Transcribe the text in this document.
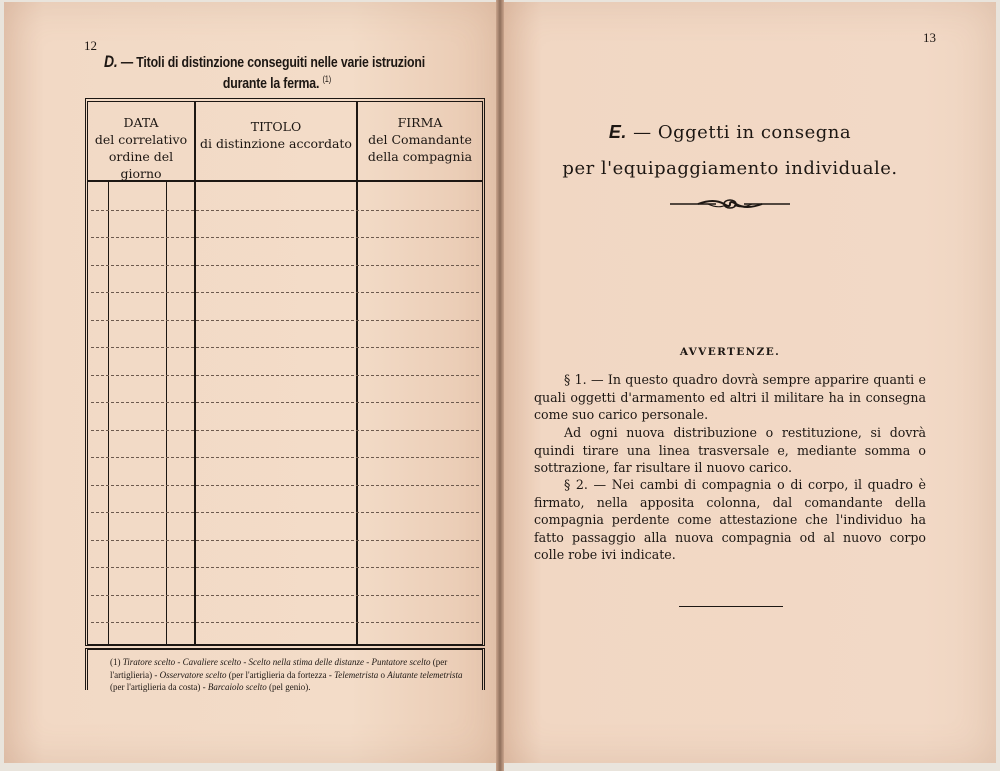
12
D. — Titoli di distinzione conseguiti nelle varie istruzioni
durante la ferma. $^{(1)}$
DATA
del correlativo
ordine del giorno
TITOLO
di distinzione accordato
FIRMA
del Comandante
della compagnia
(1) Tiratore scelto - Cavaliere scelto - Scelto nella stima delle distanze - Puntatore scelto (per l'artiglieria) - Osservatore scelto (per l'artiglieria da fortezza - Telemetrista o Aiutante telemetrista (per l'artiglieria da costa) - Barcaiolo scelto (pel genio).
13
E. — Oggetti in consegna
per l'equipaggiamento individuale.
AVVERTENZE.
§ 1. — In questo quadro dovrà sempre apparire quanti e quali oggetti d'armamento ed altri il militare ha in consegna come suo carico personale.
Ad ogni nuova distribuzione o restituzione, si dovrà quindi tirare una linea trasversale e, mediante somma o sottrazione, far risultare il nuovo carico.
§ 2. — Nei cambi di compagnia o di corpo, il quadro è firmato, nella apposita colonna, dal comandante della compagnia perdente come attestazione che l'individuo ha fatto passaggio alla nuova compagnia od al nuovo corpo colle robe ivi indicate.
